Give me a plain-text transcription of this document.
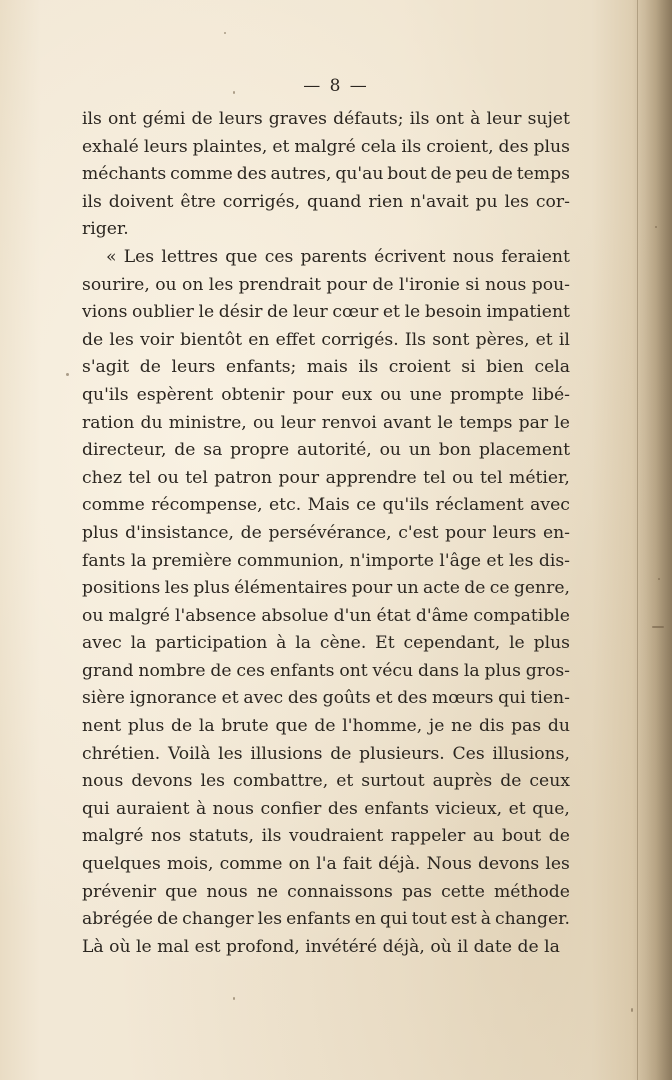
— 8 —
ils ont gémi de leurs graves défauts; ils ont à leur sujet
exhalé leurs plaintes, et malgré cela ils croient, des plus
méchants comme des autres, qu'au bout de peu de temps
ils doivent être corrigés, quand rien n'avait pu les cor-
riger.
« Les lettres que ces parents écrivent nous feraient
sourire, ou on les prendrait pour de l'ironie si nous pou-
vions oublier le désir de leur cœur et le besoin impatient
de les voir bientôt en effet corrigés. Ils sont pères, et il
s'agit de leurs enfants; mais ils croient si bien cela
qu'ils espèrent obtenir pour eux ou une prompte libé-
ration du ministre, ou leur renvoi avant le temps par le
directeur, de sa propre autorité, ou un bon placement
chez tel ou tel patron pour apprendre tel ou tel métier,
comme récompense, etc. Mais ce qu'ils réclament avec
plus d'insistance, de persévérance, c'est pour leurs en-
fants la première communion, n'importe l'âge et les dis-
positions les plus élémentaires pour un acte de ce genre,
ou malgré l'absence absolue d'un état d'âme compatible
avec la participation à la cène. Et cependant, le plus
grand nombre de ces enfants ont vécu dans la plus gros-
sière ignorance et avec des goûts et des mœurs qui tien-
nent plus de la brute que de l'homme, je ne dis pas du
chrétien. Voilà les illusions de plusieurs. Ces illusions,
nous devons les combattre, et surtout auprès de ceux
qui auraient à nous confier des enfants vicieux, et que,
malgré nos statuts, ils voudraient rappeler au bout de
quelques mois, comme on l'a fait déjà. Nous devons les
prévenir que nous ne connaissons pas cette méthode
abrégée de changer les enfants en qui tout est à changer.
Là où le mal est profond, invétéré déjà, où il date de la
